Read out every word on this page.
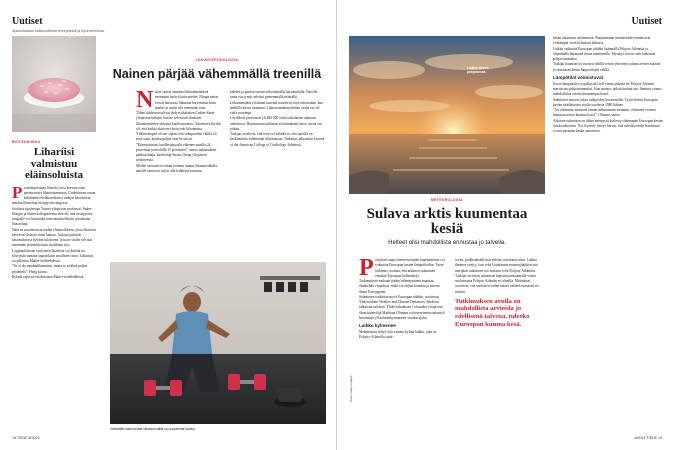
Uutiset
Ajankohtaista tutkimustietoa terveydestä ja hyvinvoinnista.
BIOTEKNIIKKA
Liharíisi valmistuu eläinsoluista

Proteiinipitoinen liharíisi voisi korvata osan perinteisestä lihantuotannosta. Uudenlaisen ruoan kehittäneet eteläkorealaiset tutkijat kasvattivat naudan lihasoluja riisinjyvän rungossa.

Soulissa sijaitsevan Yonsei-yliopiston professori Jinkee Hongin ja hänen kollegoidensa idea oli, että riisinjyvien rungoille voi kiinnittää ravitsemuksellisesti arvokkaita lihassoluja.

Näin ne muodostavat uuden elintarvikkeen, jossa lihasolut kasvavat yhdessä riisin kanssa. Tutkijat pääsivät kasvatuksessa hyvään tulokseen, ja tuote sisälsi selvästi enemmän proteiinia kuin tavallinen riisi.

Lopputuloksena syntyneen liharíisin voi keittää tai höyryttää samaan tapaan kuin tavallisen riisin. Tutkimus on julkaistu Matter-tiedelehdessä.

”Se ei ole naudanlihamaista, mutta se sisältää paljon proteiinia”, Hong kuvaa.

Ryhmä raportoi tuloksistaan Matter-tiedelehdessä.

LIIKUNTAFYSIOLOGIA
Nainen pärjää vähemmällä treenillä

Naiset saavat samasta liikuntamäärästä enemmän hyötyä kuin miehet. Niinpä naiset voivat harrastaa liikuntaa harvemmin kuin miehet ja saada silti enemmän etua.

Tähän tulokseen tulivat yhdysvaltalaisen Cedars-Sinai-yliopiston tutkijat, kun he selvittivät ihmisten liikuntamäärien yhteyttä kuolleisuuteen. Odotettava löydös oli, että kaikki aktiiviset hyötyivät liikunnasta.

Yllättävämpää oli sen sijaan, että sukupuolten välillä oli eroa siinä, kuinka paljon etua he saivat.

”Kiinnostavasti kuolleisuusriski vähenee naisilla 24 prosenttia ja miehillä 15 prosenttia”, sanoo tutkimuksen pääkirjoittaja, kardiologi Susan Cheng yliopiston tiedotteessa.

Miehet saavuttivat eduun kolmen tunnin liikuntaviikolla, naisille sama etu tuli jo alle kahdessa tunnissa.

kahden ja puolen tunnin viikoittaisella harjoittelulla. Naisilla sama etu syntyi selvästi pienemmällä määrällä.

Liikuntamäärä yli tämän kasvatti naisten hyötyä entisestään, kun miehillä kasvu tasaantui. Lihasvoimaharjoittelun osalta ero oli vielä suurempi.

Löydökset perustuvat yli 400 000 yhdysvaltalaisen aikuisen aineistoon. Havainnosta tutkimus ei kuitenkaan kerro, mistä ero johtuu.

Tutkijat arvelevat, että eroa voi selittää se, että naisilla on keskimäärin vähemmän lihasmassaa. Tutkimus julkaistiin Journal of the American College of Cardiology -lehdessä.

Vähintään kaksi kertaa viikossa salilla tuo suurimmat hyödyt.
18 TIEDE 6/2024
Uutiset
Lisäksi aiheen pohjoisessa.
METEOROLOGIA
Sulava arktis kuumentaa kesiä
Helteet olisi mahdollista ennustaa jo talvella.
Kuva: Getty Images

Pohjoisen napa-alueen merijään hupeneminen voi vaikuttaa Euroopan kesien lämpötiloihin. Tuore tutkimus osoittaa, että arktinen sulaminen ennakoi Euroopan helleaaltoja.

Tutkimuksen mukaan jäiden vähentyminen muuttaa ilmakehän virtauksia, mikä voi ohjata kuumaa ja kuivaa ilmaa Eurooppaan.

Sulaminen vaikuttaa myös Euroopan sääihin, osoittavat Yhdysvaltain Weather and Climate Dynamics -lehdessä julkaistut tulokset. Yhdysvaltalaisen Coloradon yliopiston ilmastotieteilijä Marilena Oltmans työtovereineen tarkasteli havaintoja yli kolmenkymmenen vuoden ajalta.

Laikku kylmenee

Mekanismin liittyy niin sanottu kylmä laikku, joka on Pohjois-Atlantilla sijait-

sevan, poikkeuksellisesti viileän vesialueen nimi. Laikku ilmenee syntyy, kun sekä Grönlannin mannerjäätikön että merijään sulaminen tuo makeaa vettä Pohjois-Atlanttiin.

Tutkijat arvioivat sulamisen laajuutta mittaamalla veden suolaisuutta Pohjois-Atlantin eri alueilla. Mittaukset osoittivat, että suolaisen veden määrä vaihteli runsaasti eri talvina.

Tutkimuksen avulla on mahdollista arvioida jo edellisenä talvena, tuleeko Euroopan kuuma kesä.

kesän aikaisesta sulamisesta. Runsaammat sulamisvedet ennakoivat viileämpiä vesiä kylmässä laikussa.

Laikku vaikuttaa Euroopan sääihin lisäämällä Pohjois-Atlanttia ja ohjaamalla lämmintä ilmaa mantereelle. Myrskyt voivat siten hakeutua pohjoisemmaksi.

Tutkijat huomasivat vuosien välillä selvän yhteyden sulamisvesien määrän ja seuraavan kesän lämpötilojen välillä.

Lämpötilat voimistuvat

Kuvat lämpöaalto tyypillisistä Golf-virran jatketta eli Pohjois-Atlantin merivirtaa pohjoisemmaksi. Kun muutos jatkuu kesään asti, lämmin virtaus mahdollistaa entistä kuumempia kesiä.

Säätilastot antavat tukea tutkijoiden havainnoille. Testit tehtiin Euroopan kesien säätilastojen avulla vuodesta 1980 lähtien.

”Jos olisimme tunteneet tämän mekanismin aiemmin, olisimme voineet ennustaa useita kuumia kesiä”, Oltmans sanoo.

Arktisen sulamisen on tähän mennessä kytketty vähemmän Euroopan kesien sääolosuhteisiin. Nyt löydetty yhteys kertoo, että talvella tehdyt havainnot voivat parantaa kesän ennusteita.

6/2024 TIEDE 19
